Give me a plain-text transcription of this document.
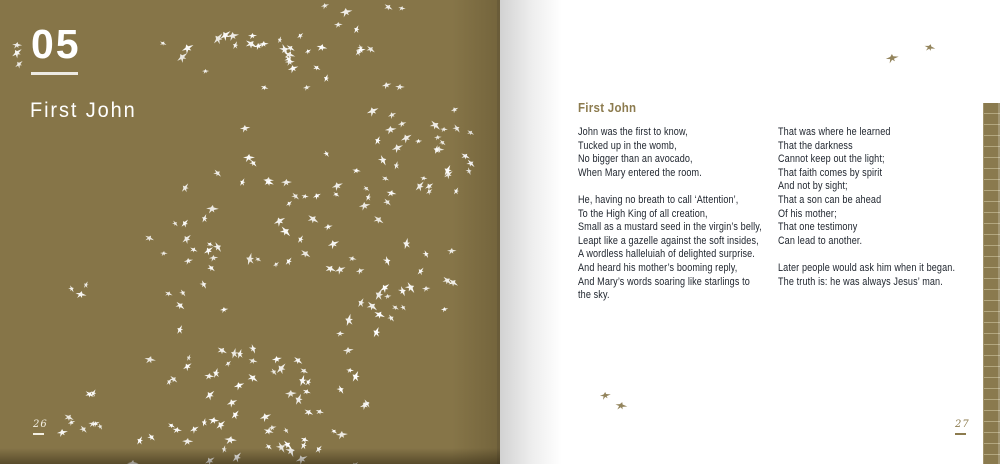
05
First John
26
First John
John was the first to know,
Tucked up in the womb,
No bigger than an avocado,
When Mary entered the room.

He, having no breath to call ‘Attention’,
To the High King of all creation,
Small as a mustard seed in the virgin’s belly,
Leapt like a gazelle against the soft insides,
A wordless halleluiah of delighted surprise.
And heard his mother’s booming reply,
And Mary’s words soaring like starlings to
the sky.
That was where he learned
That the darkness
Cannot keep out the light;
That faith comes by spirit
And not by sight;
That a son can be ahead
Of his mother;
That one testimony
Can lead to another.

Later people would ask him when it began.
The truth is: he was always Jesus’ man.
27
